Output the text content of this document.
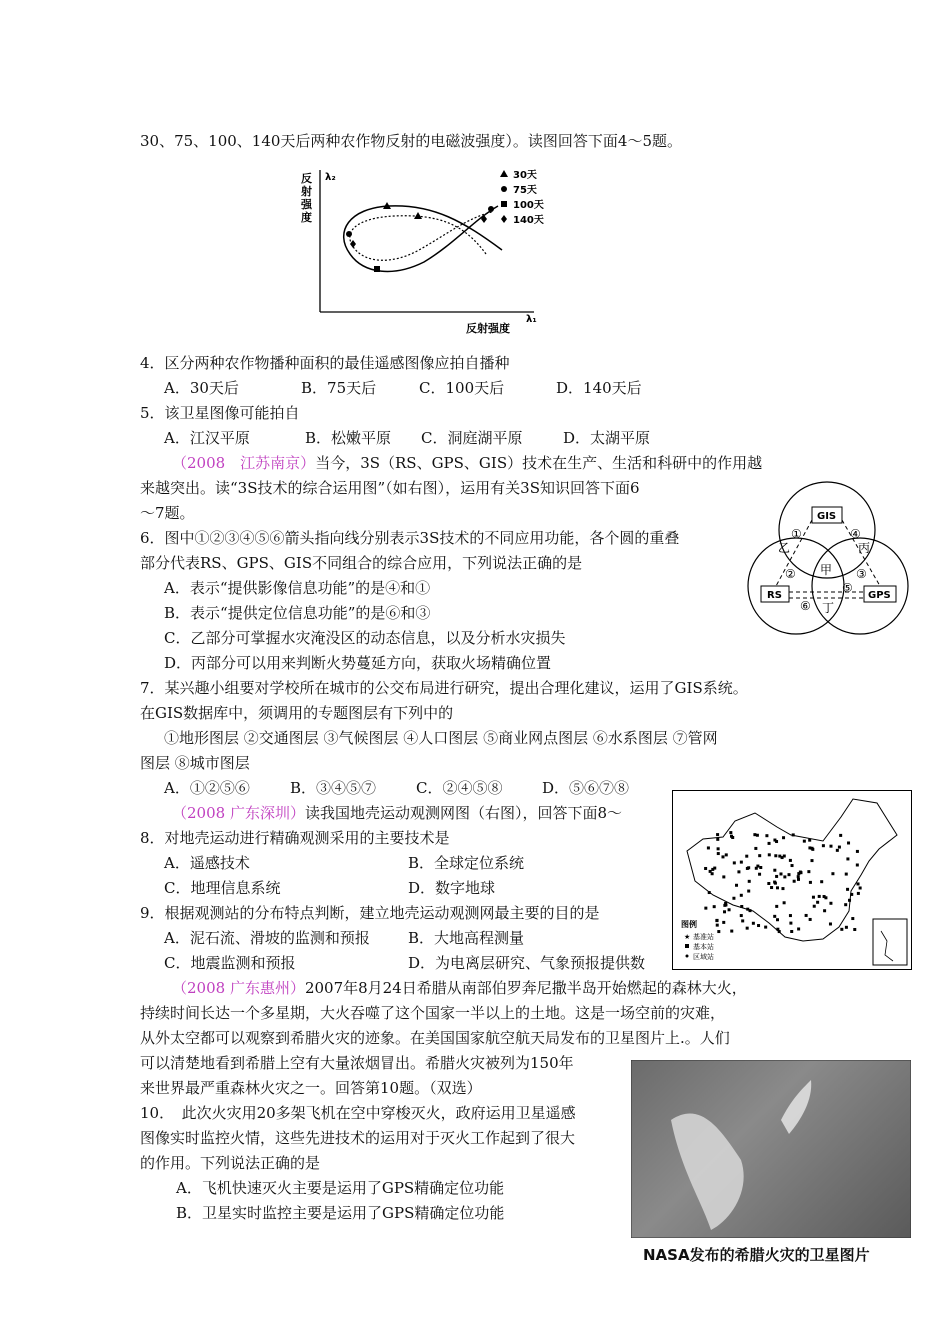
30、75、100、140天后两种农作物反射的电磁波强度）。读图回答下面4～5题。
λ₂
λ₁
反射强度
反射强度
30天
75天
100天
140天
4．区分两种农作物播种面积的最佳遥感图像应拍自播种
A．30天后	B．75天后	C．100天后	D．140天后
5．该卫星图像可能拍自
A．江汉平原	B．松嫩平原 C．洞庭湖平原	D．太湖平原
（2008　江苏南京）当今，3S（RS、GPS、GIS）技术在生产、生活和科研中的作用越
来越突出。读“3S技术的综合运用图”（如右图），运用有关3S知识回答下面6
～7题。	GIS
RS	GPS
①	④
②
⑤
⑥
③
乙	丙
甲
丁
6．图中①②③④⑤⑥箭头指向线分别表示3S技术的不同应用功能，各个圆的重叠
部分代表RS、GPS、GIS不同组合的综合应用，下列说法正确的是
A．表示“提供影像信息功能”的是④和①
B．表示“提供定位信息功能”的是⑥和③
C．乙部分可掌握水灾淹没区的动态信息，以及分析水灾损失
D．丙部分可以用来判断火势蔓延方向，获取火场精确位置
7．某兴趣小组要对学校所在城市的公交布局进行研究，提出合理化建议，运用了GIS系统。
在GIS数据库中，须调用的专题图层有下列中的
①地形图层 ②交通图层 ③气候图层 ④人口图层 ⑤商业网点图层 ⑥水系图层 ⑦管网
图层 ⑧城市图层
A．①②⑤⑥	B．③④⑤⑦	C．②④⑤⑧	D．⑤⑥⑦⑧
（2008 广东深圳）读我国地壳运动观测网图（右图），回答下面8～
图例
★ 基准站
基本站
区域站
8．对地壳运动进行精确观测采用的主要技术是
A．遥感技术	B．全球定位系统
C．地理信息系统	D．数字地球
9．根据观测站的分布特点判断，建立地壳运动观测网最主要的目的是
A．泥石流、滑坡的监测和预报	B．大地高程测量
C．地震监测和预报	D．为电离层研究、气象预报提供数
（2008 广东惠州）2007年8月24日希腊从南部伯罗奔尼撒半岛开始燃起的森林大火，
持续时间长达一个多星期，大火吞噬了这个国家一半以上的土地。这是一场空前的灾难，
从外太空都可以观察到希腊火灾的迹象。在美国国家航空航天局发布的卫星图片上.。人们
可以清楚地看到希腊上空有大量浓烟冒出。希腊火灾被列为150年
来世界最严重森林火灾之一。回答第10题。（双选）
NASA发布的希腊火灾的卫星图片
10．　此次火灾用20多架飞机在空中穿梭灭火，政府运用卫星遥感
图像实时监控火情，这些先进技术的运用对于灭火工作起到了很大
的作用。下列说法正确的是
A．飞机快速灭火主要是运用了GPS精确定位功能
B．卫星实时监控主要是运用了GPS精确定位功能
